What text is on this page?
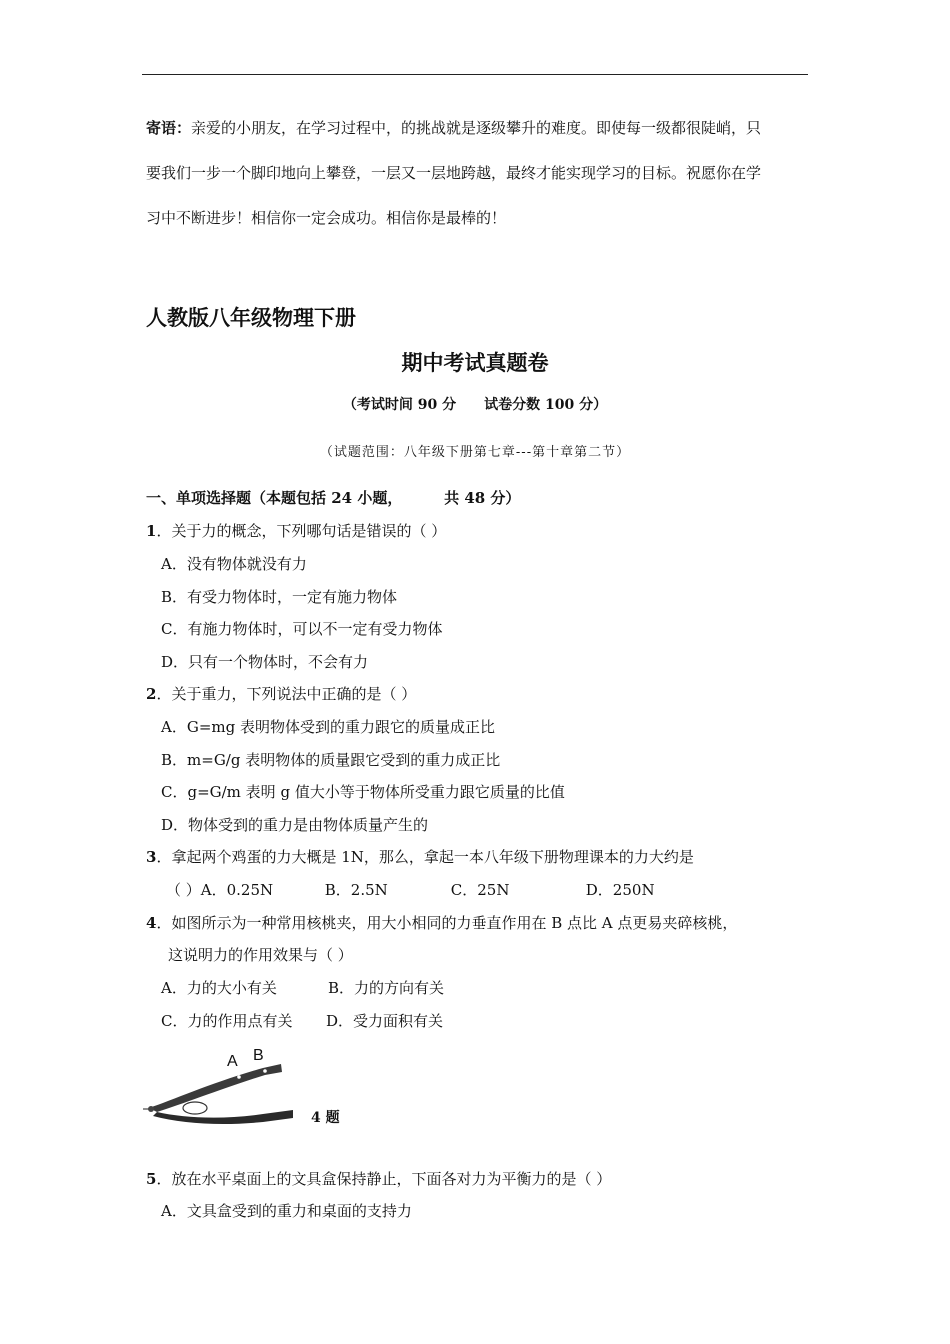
寄语：亲爱的小朋友，在学习过程中，的挑战就是逐级攀升的难度。即使每一级都很陡峭，只
要我们一步一个脚印地向上攀登，一层又一层地跨越，最终才能实现学习的目标。祝愿你在学
习中不断进步！相信你一定会成功。相信你是最棒的！
人教版八年级物理下册
期中考试真题卷
（考试时间 90 分 试卷分数 100 分）
（试题范围：八年级下册第七章---第十章第二节）
一、单项选择题（本题包括 24 小题，        共 48 分）
1．关于力的概念，下列哪句话是错误的（ ）
A．没有物体就没有力
B．有受力物体时，一定有施力物体
C．有施力物体时，可以不一定有受力物体
D．只有一个物体时，不会有力
2．关于重力，下列说法中正确的是（ ）
A．G=mg 表明物体受到的重力跟它的质量成正比
B．m=G/g 表明物体的质量跟它受到的重力成正比
C．g=G/m 表明 g 值大小等于物体所受重力跟它质量的比值
D．物体受到的重力是由物体质量产生的
3．拿起两个鸡蛋的力大概是 1N，那么，拿起一本八年级下册物理课本的力大约是
（ ）A．0.25N	B．2.5N	C．25N	D．250N
4．如图所示为一种常用核桃夹，用大小相同的力垂直作用在 B 点比 A 点更易夹碎核桃，
这说明力的作用效果与（ ）
A．力的大小有关	B．力的方向有关
C．力的作用点有关 D．受力面积有关
A B
4 题
5．放在水平桌面上的文具盒保持静止，下面各对力为平衡力的是（ ）
A．文具盒受到的重力和桌面的支持力
